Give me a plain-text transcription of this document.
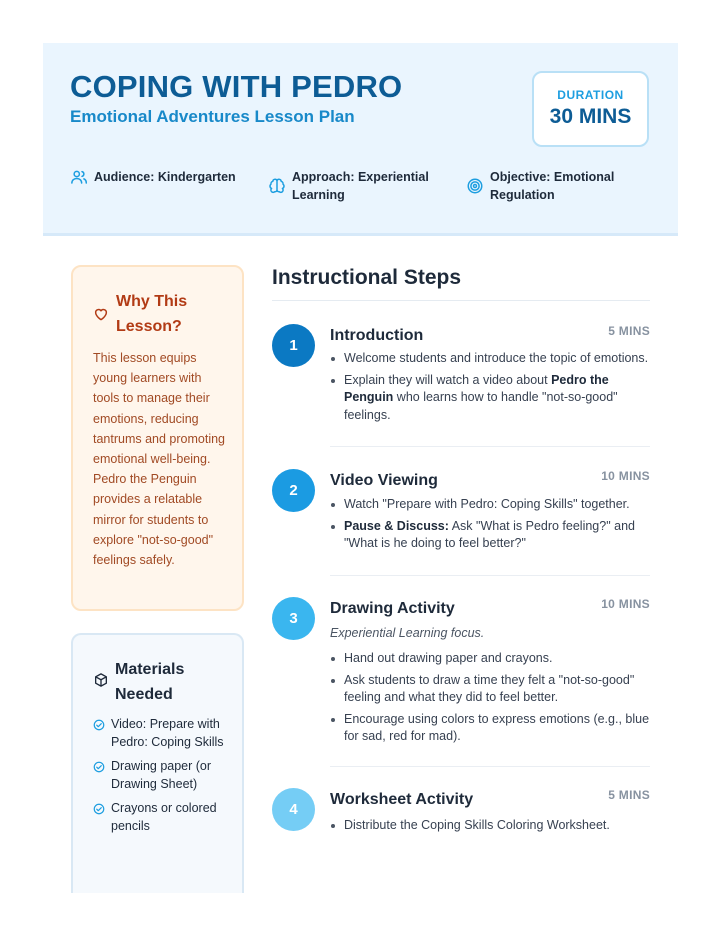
COPING WITH PEDRO
Emotional Adventures Lesson Plan
DURATION
30 MINS
Audience: Kindergarten	Approach: Experiential
Learning
Objective: Emotional
Regulation
Why This Lesson?

This lesson equips young learners with tools to manage their emotions, reducing tantrums and promoting emotional well-being. Pedro the Penguin provides a relatable mirror for students to explore "not-so-good" feelings safely.

Materials Needed
Video: Prepare with Pedro: Coping Skills
Drawing paper (or Drawing Sheet)
Crayons or colored pencils
Instructional Steps
1
Introduction	5 MINS
Welcome students and introduce the topic of emotions.
Explain they will watch a video about Pedro the Penguin who learns how to handle "not-so-good" feelings.
2
Video Viewing	10 MINS
Watch "Prepare with Pedro: Coping Skills" together.
Pause & Discuss: Ask "What is Pedro feeling?" and "What is he doing to feel better?"
3
Drawing Activity	10 MINS
Experiential Learning focus.
Hand out drawing paper and crayons.
Ask students to draw a time they felt a "not-so-good" feeling and what they did to feel better.
Encourage using colors to express emotions (e.g., blue for sad, red for mad).
4
Worksheet Activity	5 MINS
Distribute the Coping Skills Coloring Worksheet.
